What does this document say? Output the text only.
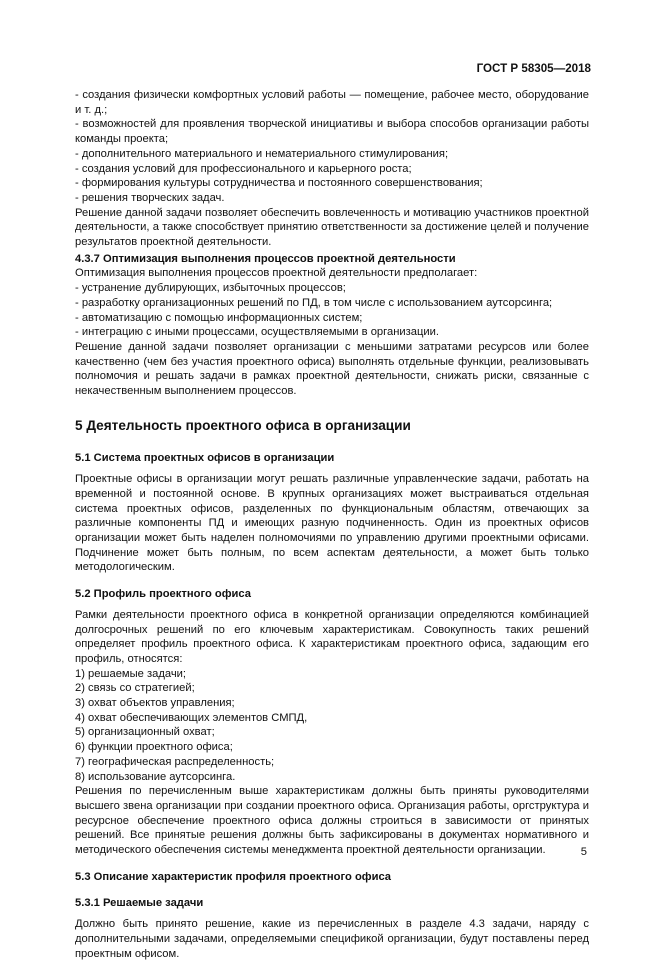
ГОСТ Р 58305—2018

- создания физически комфортных условий работы — помещение, рабочее место, оборудование и т. д.;

- возможностей для проявления творческой инициативы и выбора способов организации работы команды проекта;

- дополнительного материального и нематериального стимулирования;

- создания условий для профессионального и карьерного роста;

- формирования культуры сотрудничества и постоянного совершенствования;

- решения творческих задач.

Решение данной задачи позволяет обеспечить вовлеченность и мотивацию участников проектной деятельности, а также способствует принятию ответственности за достижение целей и получение результатов проектной деятельности.

4.3.7 Оптимизация выполнения процессов проектной деятельности

Оптимизация выполнения процессов проектной деятельности предполагает:

- устранение дублирующих, избыточных процессов;

- разработку организационных решений по ПД, в том числе с использованием аутсорсинга;

- автоматизацию с помощью информационных систем;

- интеграцию с иными процессами, осуществляемыми в организации.

Решение данной задачи позволяет организации с меньшими затратами ресурсов или более качественно (чем без участия проектного офиса) выполнять отдельные функции, реализовывать полномочия и решать задачи в рамках проектной деятельности, снижать риски, связанные с некачественным выполнением процессов.

5 Деятельность проектного офиса в организации

5.1 Система проектных офисов в организации

Проектные офисы в организации могут решать различные управленческие задачи, работать на временной и постоянной основе. В крупных организациях может выстраиваться отдельная система проектных офисов, разделенных по функциональным областям, отвечающих за различные компоненты ПД и имеющих разную подчиненность. Один из проектных офисов организации может быть наделен полномочиями по управлению другими проектными офисами. Подчинение может быть полным, по всем аспектам деятельности, а может быть только методологическим.

5.2 Профиль проектного офиса

Рамки деятельности проектного офиса в конкретной организации определяются комбинацией долгосрочных решений по его ключевым характеристикам. Совокупность таких решений определяет профиль проектного офиса. К характеристикам проектного офиса, задающим его профиль, относятся:

1) решаемые задачи;

2) связь со стратегией;

3) охват объектов управления;

4) охват обеспечивающих элементов СМПД,

5) организационный охват;

6) функции проектного офиса;

7) географическая распределенность;

8) использование аутсорсинга.

Решения по перечисленным выше характеристикам должны быть приняты руководителями высшего звена организации при создании проектного офиса. Организация работы, оргструктура и ресурсное обеспечение проектного офиса должны строиться в зависимости от принятых решений. Все принятые решения должны быть зафиксированы в документах нормативного и методического обеспечения системы менеджмента проектной деятельности организации.

5.3 Описание характеристик профиля проектного офиса

5.3.1 Решаемые задачи

Должно быть принято решение, какие из перечисленных в разделе 4.3 задачи, наряду с дополнительными задачами, определяемыми спецификой организации, будут поставлены перед проектным офисом.

5
